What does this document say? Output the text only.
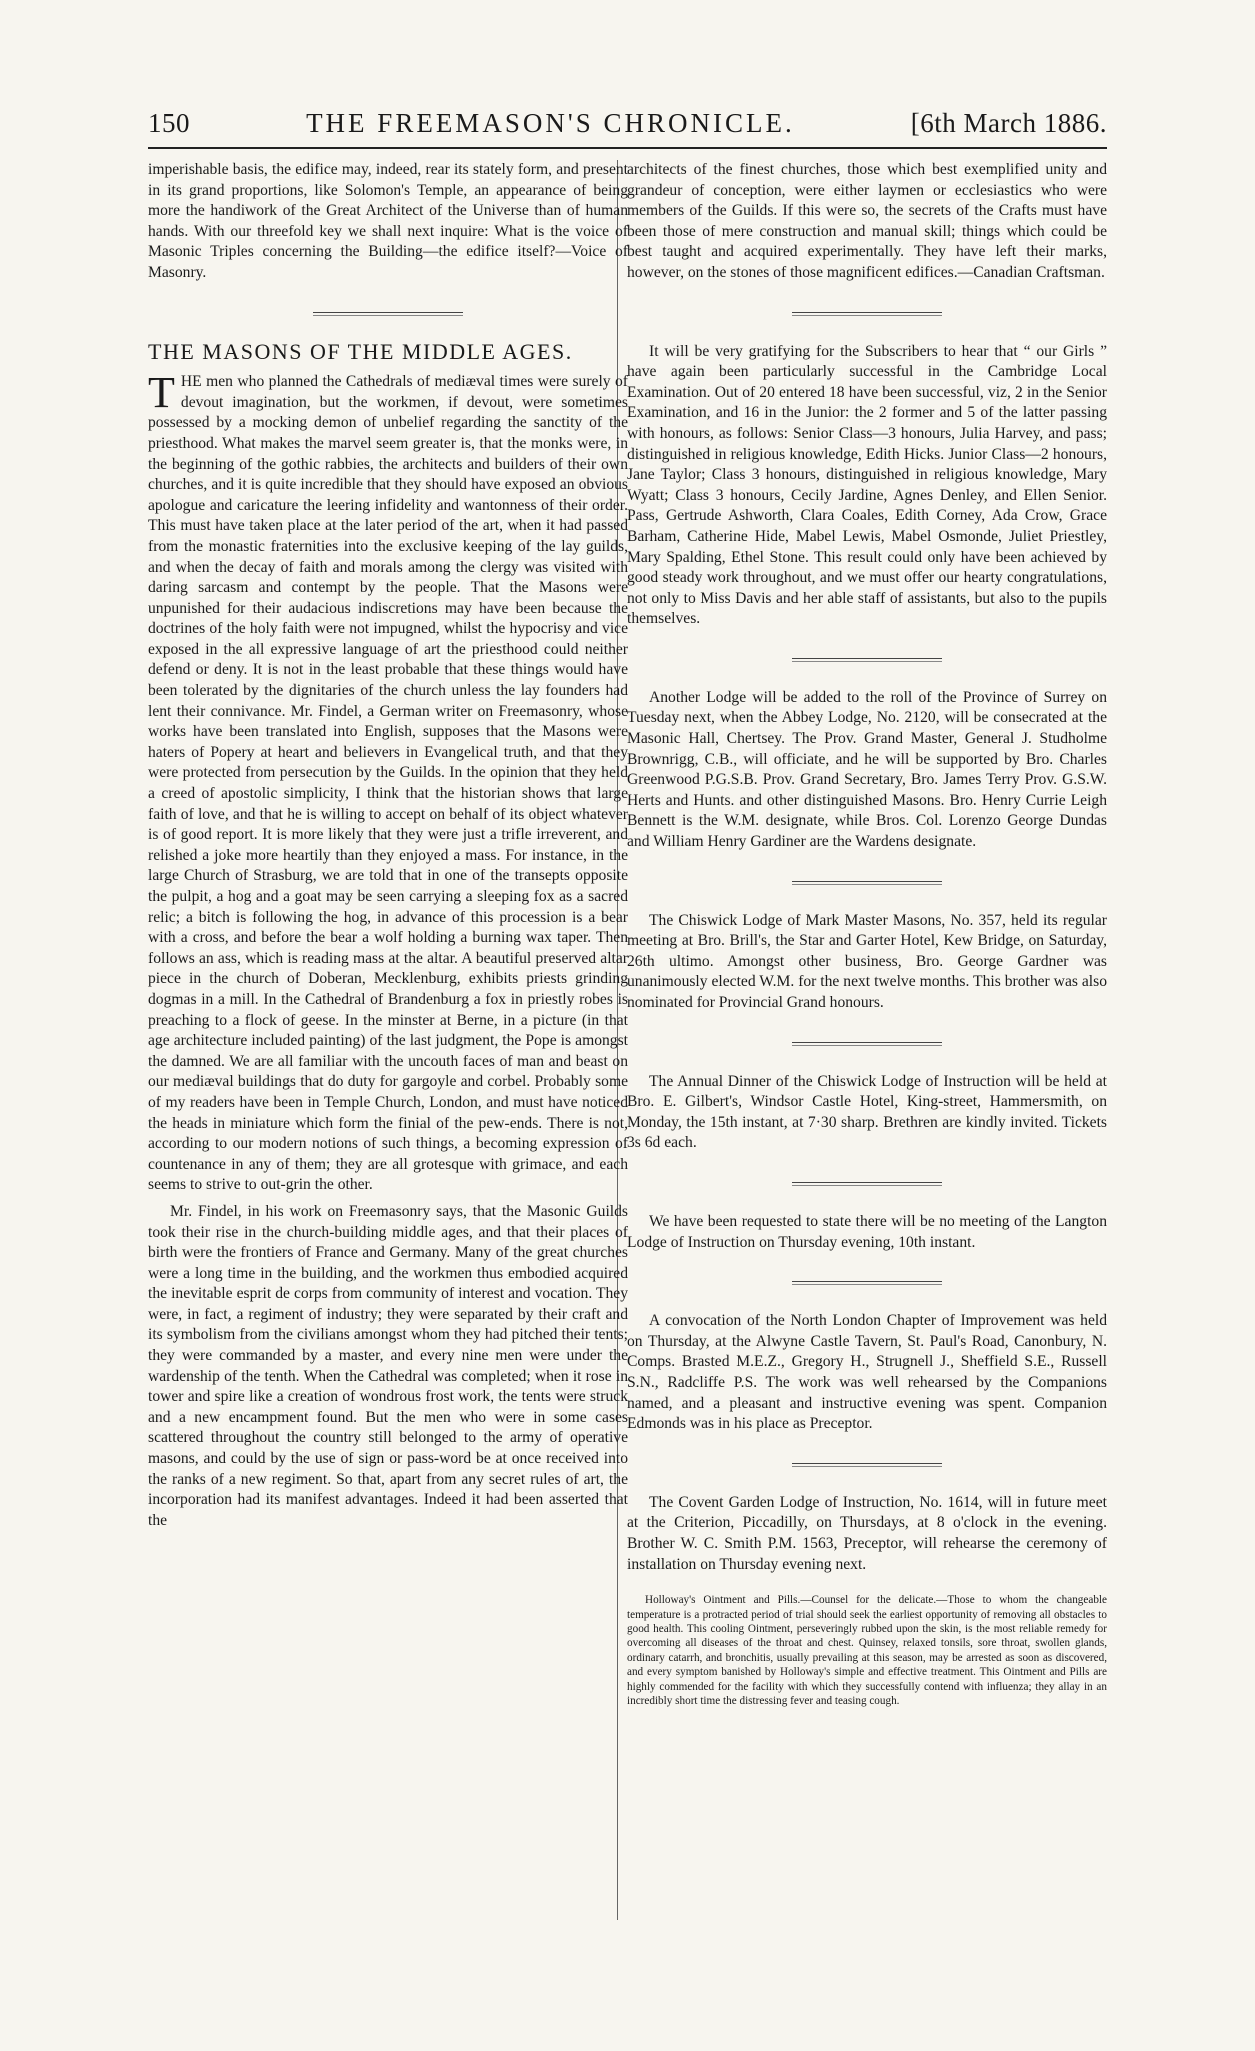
150	THE FREEMASON'S CHRONICLE.	[6th March 1886.

imperishable basis, the edifice may, indeed, rear its stately form, and present in its grand proportions, like Solomon's Temple, an appearance of being more the handiwork of the Great Architect of the Universe than of human hands. With our threefold key we shall next inquire: What is the voice of Masonic Triples concerning the Building—the edifice itself?—Voice of Masonry.

THE MASONS OF THE MIDDLE AGES.

THE men who planned the Cathedrals of mediæval times were surely of devout imagination, but the workmen, if devout, were sometimes possessed by a mocking demon of unbelief regarding the sanctity of the priesthood. What makes the marvel seem greater is, that the monks were, in the beginning of the gothic rabbies, the architects and builders of their own churches, and it is quite incredible that they should have exposed an obvious apologue and caricature the leering infidelity and wantonness of their order. This must have taken place at the later period of the art, when it had passed from the monastic fraternities into the exclusive keeping of the lay guilds, and when the decay of faith and morals among the clergy was visited with daring sarcasm and contempt by the people. That the Masons were unpunished for their audacious indiscretions may have been because the doctrines of the holy faith were not impugned, whilst the hypocrisy and vice exposed in the all expressive language of art the priesthood could neither defend or deny. It is not in the least probable that these things would have been tolerated by the dignitaries of the church unless the lay founders had lent their connivance. Mr. Findel, a German writer on Freemasonry, whose works have been translated into English, supposes that the Masons were haters of Popery at heart and believers in Evangelical truth, and that they were protected from persecution by the Guilds. In the opinion that they held a creed of apostolic simplicity, I think that the historian shows that large faith of love, and that he is willing to accept on behalf of its object whatever is of good report. It is more likely that they were just a trifle irreverent, and relished a joke more heartily than they enjoyed a mass. For instance, in the large Church of Strasburg, we are told that in one of the transepts opposite the pulpit, a hog and a goat may be seen carrying a sleeping fox as a sacred relic; a bitch is following the hog, in advance of this procession is a bear with a cross, and before the bear a wolf holding a burning wax taper. Then follows an ass, which is reading mass at the altar. A beautiful preserved altar piece in the church of Doberan, Mecklenburg, exhibits priests grinding dogmas in a mill. In the Cathedral of Brandenburg a fox in priestly robes is preaching to a flock of geese. In the minster at Berne, in a picture (in that age architecture included painting) of the last judgment, the Pope is amongst the damned. We are all familiar with the uncouth faces of man and beast on our mediæval buildings that do duty for gargoyle and corbel. Probably some of my readers have been in Temple Church, London, and must have noticed the heads in miniature which form the finial of the pew-ends. There is not, according to our modern notions of such things, a becoming expression of countenance in any of them; they are all grotesque with grimace, and each seems to strive to out-grin the other.

Mr. Findel, in his work on Freemasonry says, that the Masonic Guilds took their rise in the church-building middle ages, and that their places of birth were the frontiers of France and Germany. Many of the great churches were a long time in the building, and the workmen thus embodied acquired the inevitable esprit de corps from community of interest and vocation. They were, in fact, a regiment of industry; they were separated by their craft and its symbolism from the civilians amongst whom they had pitched their tents; they were commanded by a master, and every nine men were under the wardenship of the tenth. When the Cathedral was completed; when it rose in tower and spire like a creation of wondrous frost work, the tents were struck and a new encampment found. But the men who were in some cases scattered throughout the country still belonged to the army of operative masons, and could by the use of sign or pass-word be at once received into the ranks of a new regiment. So that, apart from any secret rules of art, the incorporation had its manifest advantages. Indeed it had been asserted that the

architects of the finest churches, those which best exemplified unity and grandeur of conception, were either laymen or ecclesiastics who were members of the Guilds. If this were so, the secrets of the Crafts must have been those of mere construction and manual skill; things which could be best taught and acquired experimentally. They have left their marks, however, on the stones of those magnificent edifices.—Canadian Craftsman.

It will be very gratifying for the Subscribers to hear that “ our Girls ” have again been particularly successful in the Cambridge Local Examination. Out of 20 entered 18 have been successful, viz, 2 in the Senior Examination, and 16 in the Junior: the 2 former and 5 of the latter passing with honours, as follows: Senior Class—3 honours, Julia Harvey, and pass; distinguished in religious knowledge, Edith Hicks. Junior Class—2 honours, Jane Taylor; Class 3 honours, distinguished in religious knowledge, Mary Wyatt; Class 3 honours, Cecily Jardine, Agnes Denley, and Ellen Senior. Pass, Gertrude Ashworth, Clara Coales, Edith Corney, Ada Crow, Grace Barham, Catherine Hide, Mabel Lewis, Mabel Osmonde, Juliet Priestley, Mary Spalding, Ethel Stone. This result could only have been achieved by good steady work throughout, and we must offer our hearty congratulations, not only to Miss Davis and her able staff of assistants, but also to the pupils themselves.

Another Lodge will be added to the roll of the Province of Surrey on Tuesday next, when the Abbey Lodge, No. 2120, will be consecrated at the Masonic Hall, Chertsey. The Prov. Grand Master, General J. Studholme Brownrigg, C.B., will officiate, and he will be supported by Bro. Charles Greenwood P.G.S.B. Prov. Grand Secretary, Bro. James Terry Prov. G.S.W. Herts and Hunts. and other distinguished Masons. Bro. Henry Currie Leigh Bennett is the W.M. designate, while Bros. Col. Lorenzo George Dundas and William Henry Gardiner are the Wardens designate.

The Chiswick Lodge of Mark Master Masons, No. 357, held its regular meeting at Bro. Brill's, the Star and Garter Hotel, Kew Bridge, on Saturday, 26th ultimo. Amongst other business, Bro. George Gardner was unanimously elected W.M. for the next twelve months. This brother was also nominated for Provincial Grand honours.

The Annual Dinner of the Chiswick Lodge of Instruction will be held at Bro. E. Gilbert's, Windsor Castle Hotel, King-street, Hammersmith, on Monday, the 15th instant, at 7·30 sharp. Brethren are kindly invited. Tickets 3s 6d each.

We have been requested to state there will be no meeting of the Langton Lodge of Instruction on Thursday evening, 10th instant.

A convocation of the North London Chapter of Improvement was held on Thursday, at the Alwyne Castle Tavern, St. Paul's Road, Canonbury, N. Comps. Brasted M.E.Z., Gregory H., Strugnell J., Sheffield S.E., Russell S.N., Radcliffe P.S. The work was well rehearsed by the Companions named, and a pleasant and instructive evening was spent. Companion Edmonds was in his place as Preceptor.

The Covent Garden Lodge of Instruction, No. 1614, will in future meet at the Criterion, Piccadilly, on Thursdays, at 8 o'clock in the evening. Brother W. C. Smith P.M. 1563, Preceptor, will rehearse the ceremony of installation on Thursday evening next.

Holloway's Ointment and Pills.—Counsel for the delicate.—Those to whom the changeable temperature is a protracted period of trial should seek the earliest opportunity of removing all obstacles to good health. This cooling Ointment, perseveringly rubbed upon the skin, is the most reliable remedy for overcoming all diseases of the throat and chest. Quinsey, relaxed tonsils, sore throat, swollen glands, ordinary catarrh, and bronchitis, usually prevailing at this season, may be arrested as soon as discovered, and every symptom banished by Holloway's simple and effective treatment. This Ointment and Pills are highly commended for the facility with which they successfully contend with influenza; they allay in an incredibly short time the distressing fever and teasing cough.
